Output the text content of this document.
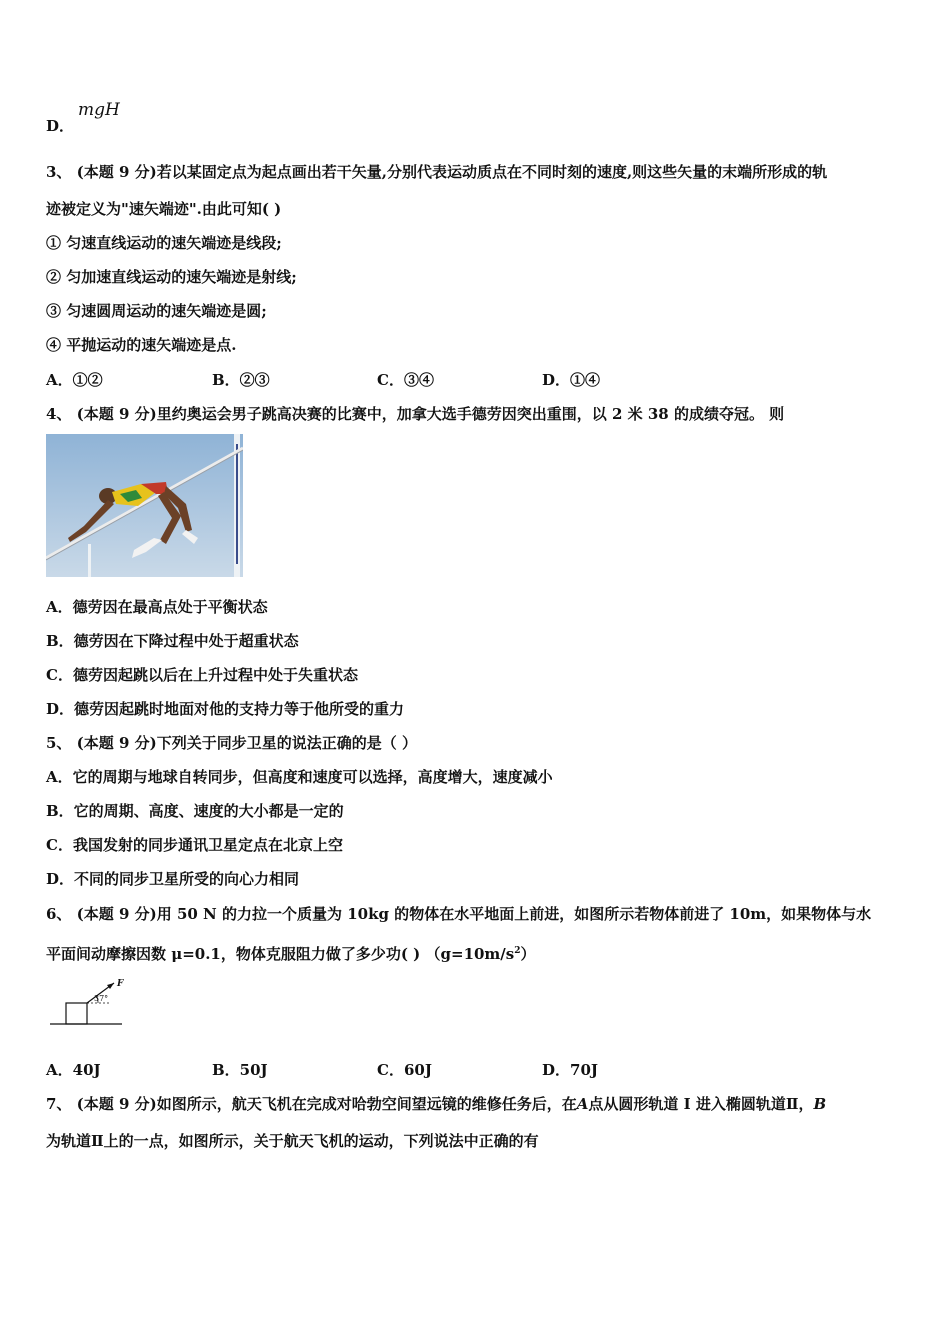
D．
mgH
3、 (本题 9 分)若以某固定点为起点画出若干矢量,分别代表运动质点在不同时刻的速度,则这些矢量的末端所形成的轨
迹被定义为"速矢端迹".由此可知( )
① 匀速直线运动的速矢端迹是线段;
② 匀加速直线运动的速矢端迹是射线;
③ 匀速圆周运动的速矢端迹是圆;
④ 平抛运动的速矢端迹是点.
A．①②	B．②③	C．③④	D．①④
4、 (本题 9 分)里约奥运会男子跳高决赛的比赛中，加拿大选手德劳因突出重围，以 2 米 38 的成绩夺冠。 则
A．德劳因在最高点处于平衡状态
B．德劳因在下降过程中处于超重状态
C．德劳因起跳以后在上升过程中处于失重状态
D．德劳因起跳时地面对他的支持力等于他所受的重力
5、 (本题 9 分)下列关于同步卫星的说法正确的是（ ）
A．它的周期与地球自转同步，但高度和速度可以选择，高度增大，速度减小
B．它的周期、高度、速度的大小都是一定的
C．我国发射的同步通讯卫星定点在北京上空
D．不同的同步卫星所受的向心力相同
6、 (本题 9 分)用 50 N 的力拉一个质量为 10kg 的物体在水平地面上前进，如图所示若物体前进了 10m，如果物体与水
平面间动摩擦因数 μ=0.1，物体克服阻力做了多少功( ) $(g=10m/s^2)$
F
37°
A．40J	B．50J	C．60J	D．70J
7、 (本题 9 分)如图所示，航天飞机在完成对哈勃空间望远镜的维修任务后，在A点从圆形轨道 I 进入椭圆轨道Ⅱ，B
为轨道Ⅱ上的一点，如图所示，关于航天飞机的运动，下列说法中正确的有
